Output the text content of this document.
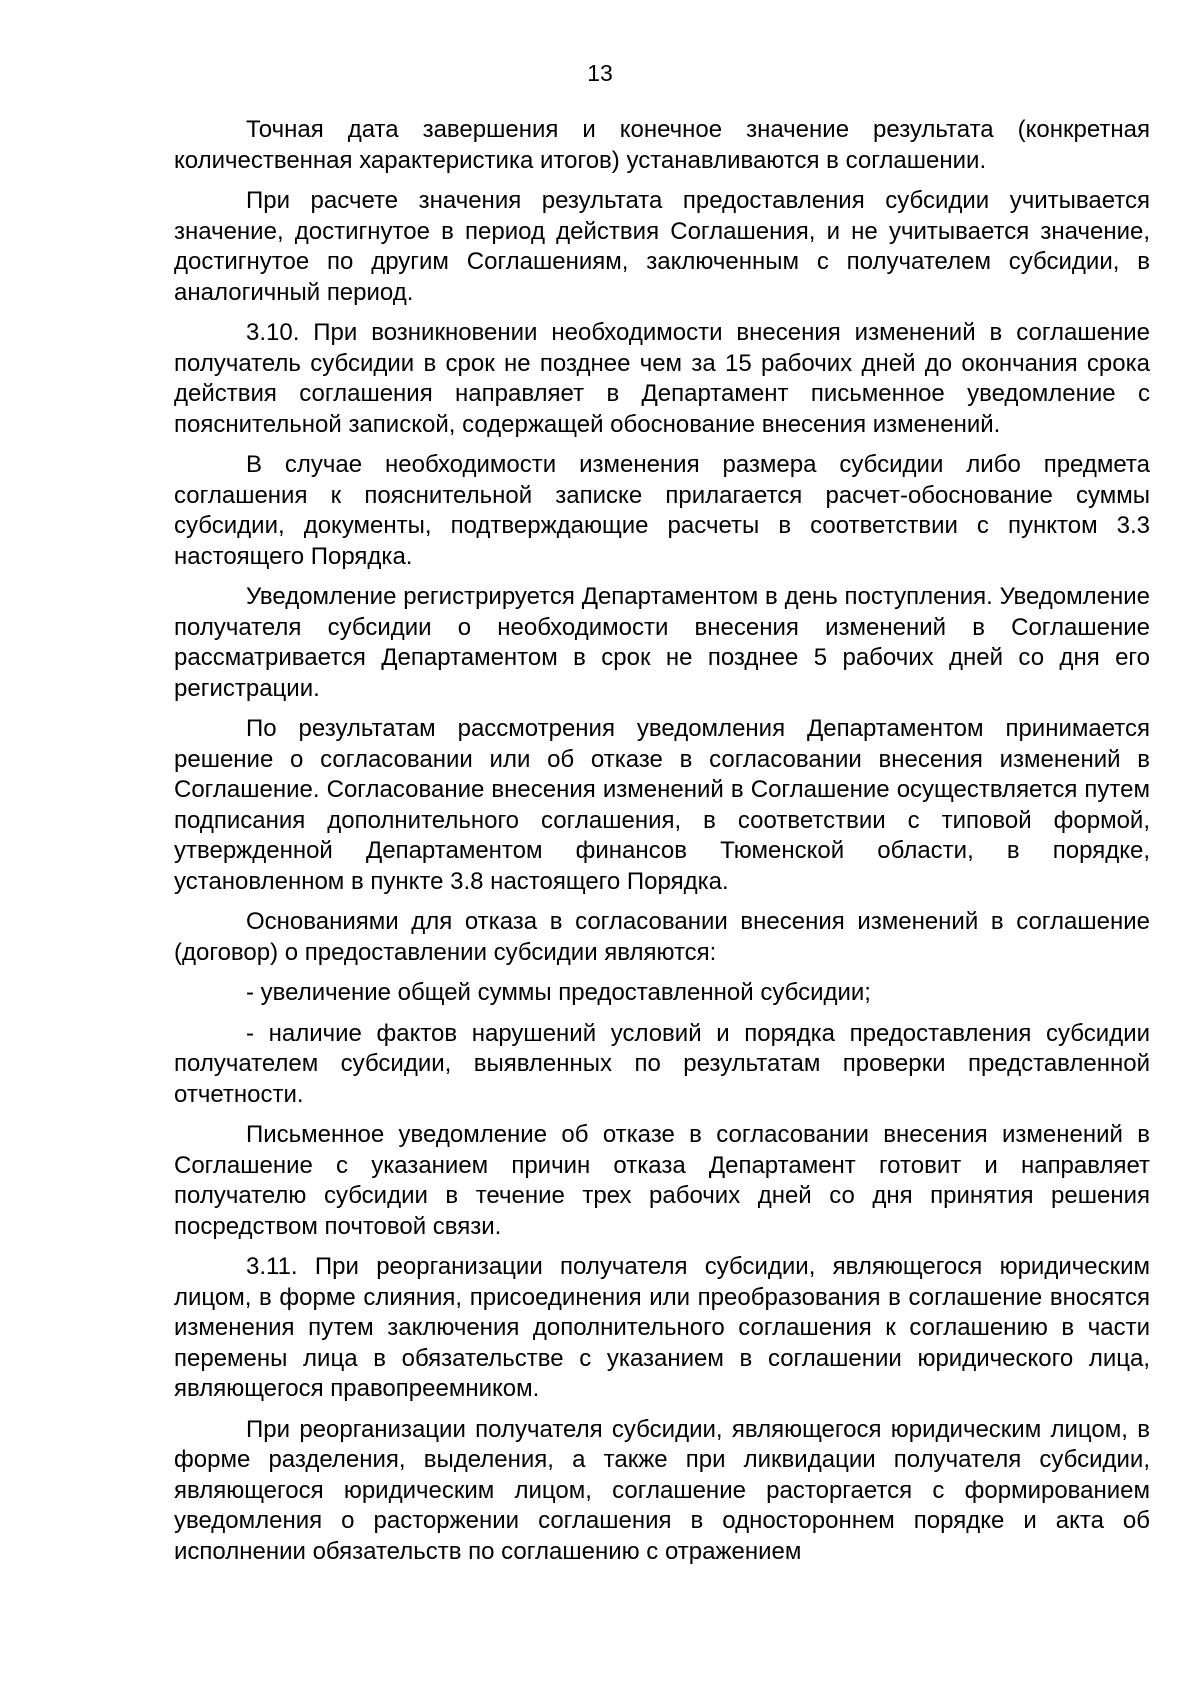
13

Точная дата завершения и конечное значение результата (конкретная количественная характеристика итогов) устанавливаются в соглашении.

При расчете значения результата предоставления субсидии учитывается значение, достигнутое в период действия Соглашения, и не учитывается значение, достигнутое по другим Соглашениям, заключенным с получателем субсидии, в аналогичный период.

3.10. При возникновении необходимости внесения изменений в соглашение получатель субсидии в срок не позднее чем за 15 рабочих дней до окончания срока действия соглашения направляет в Департамент письменное уведомление с пояснительной запиской, содержащей обоснование внесения изменений.

В случае необходимости изменения размера субсидии либо предмета соглашения к пояснительной записке прилагается расчет-обоснование суммы субсидии, документы, подтверждающие расчеты в соответствии с пунктом 3.3 настоящего Порядка.

Уведомление регистрируется Департаментом в день поступления. Уведомление получателя субсидии о необходимости внесения изменений в Соглашение рассматривается Департаментом в срок не позднее 5 рабочих дней со дня его регистрации.

По результатам рассмотрения уведомления Департаментом принимается решение о согласовании или об отказе в согласовании внесения изменений в Соглашение. Согласование внесения изменений в Соглашение осуществляется путем подписания дополнительного соглашения, в соответствии с типовой формой, утвержденной Департаментом финансов Тюменской области, в порядке, установленном в пункте 3.8 настоящего Порядка.

Основаниями для отказа в согласовании внесения изменений в соглашение (договор) о предоставлении субсидии являются:

- увеличение общей суммы предоставленной субсидии;

- наличие фактов нарушений условий и порядка предоставления субсидии получателем субсидии, выявленных по результатам проверки представленной отчетности.

Письменное уведомление об отказе в согласовании внесения изменений в Соглашение с указанием причин отказа Департамент готовит и направляет получателю субсидии в течение трех рабочих дней со дня принятия решения посредством почтовой связи.

3.11. При реорганизации получателя субсидии, являющегося юридическим лицом, в форме слияния, присоединения или преобразования в соглашение вносятся изменения путем заключения дополнительного соглашения к соглашению в части перемены лица в обязательстве с указанием в соглашении юридического лица, являющегося правопреемником.

При реорганизации получателя субсидии, являющегося юридическим лицом, в форме разделения, выделения, а также при ликвидации получателя субсидии, являющегося юридическим лицом, соглашение расторгается с формированием уведомления о расторжении соглашения в одностороннем порядке и акта об исполнении обязательств по соглашению с отражением
